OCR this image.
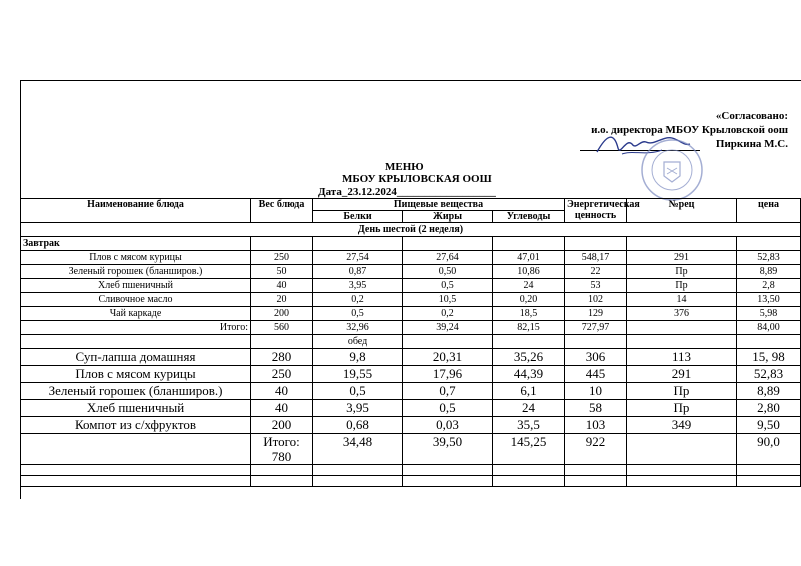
«Согласовано:
и.о. директора МБОУ Крыловской оош
Пиркина М.С.
МЕНЮ
МБОУ КРЫЛОВСКАЯ ООШ
Дата_23.12.2024__________________
Наименование блюда	Вес блюда	Пищевые вещества			Энергетическая ценность	№рец	цена
		Белки	Жиры	Углеводы			
День шестой (2 неделя)							
Завтрак							
Плов с мясом курицы	250	27,54	27,64	47,01	548,17	291	52,83
Зеленый горошек (бланширов.)	50	0,87	0,50	10,86	22	Пр	8,89
Хлеб пшеничный	40	3,95	0,5	24	53	Пр	2,8
Сливочное масло	20	0,2	10,5	0,20	102	14	13,50
Чай каркаде	200	0,5	0,2	18,5	129	376	5,98
Итого:	560	32,96	39,24	82,15	727,97		84,00
		обед					
Суп-лапша домашняя	280	9,8	20,31	35,26	306	113	15, 98
Плов с мясом курицы	250	19,55	17,96	44,39	445	291	52,83
Зеленый горошек (бланширов.)	40	0,5	0,7	6,1	10	Пр	8,89
Хлеб пшеничный	40	3,95	0,5	24	58	Пр	2,80
Компот из с/хфруктов	200	0,68	0,03	35,5	103	349	9,50
	Итого: 780	34,48	39,50	145,25	922		90,0
